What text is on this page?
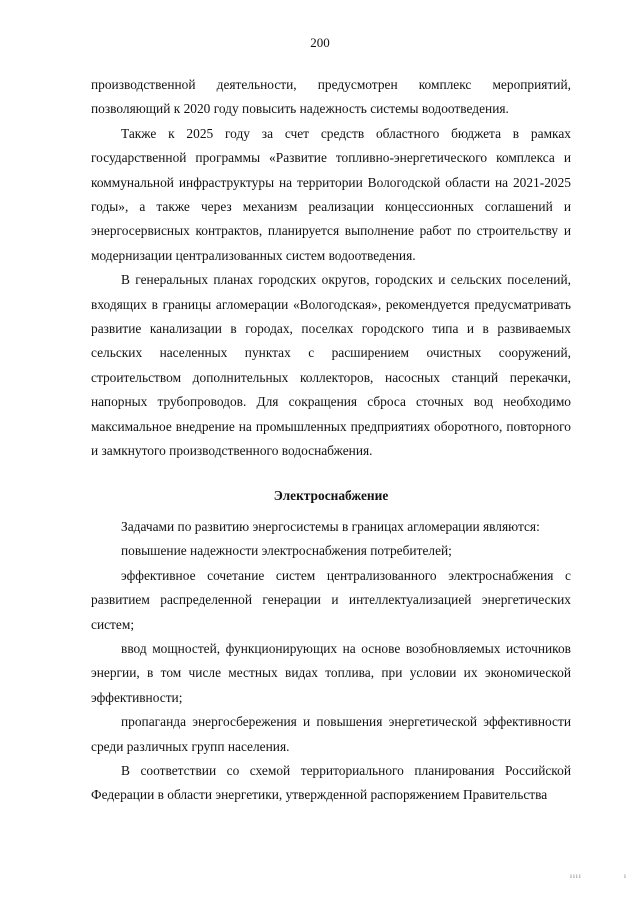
200

производственной деятельности, предусмотрен комплекс мероприятий, позволяющий к 2020 году повысить надежность системы водоотведения.

Также к 2025 году за счет средств областного бюджета в рамках государственной программы «Развитие топливно-энергетического комплекса и коммунальной инфраструктуры на территории Вологодской области на 2021-2025 годы», а также через механизм реализации концессионных соглашений и энергосервисных контрактов, планируется выполнение работ по строительству и модернизации централизованных систем водоотведения.

В генеральных планах городских округов, городских и сельских поселений, входящих в границы агломерации «Вологодская», рекомендуется предусматривать развитие канализации в городах, поселках городского типа и в развиваемых сельских населенных пунктах с расширением очистных сооружений, строительством дополнительных коллекторов, насосных станций перекачки, напорных трубопроводов. Для сокращения сброса сточных вод необходимо максимальное внедрение на промышленных предприятиях оборотного, повторного и замкнутого производственного водоснабжения.

Электроснабжение

Задачами по развитию энергосистемы в границах агломерации являются:

повышение надежности электроснабжения потребителей;

эффективное сочетание систем централизованного электроснабжения с развитием распределенной генерации и интеллектуализацией энергетических систем;

ввод мощностей, функционирующих на основе возобновляемых источников энергии, в том числе местных видах топлива, при условии их экономической эффективности;

пропаганда энергосбережения и повышения энергетической эффективности среди различных групп населения.

В соответствии со схемой территориального планирования Российской Федерации в области энергетики, утвержденной распоряжением Правительства

ıııı	ı
